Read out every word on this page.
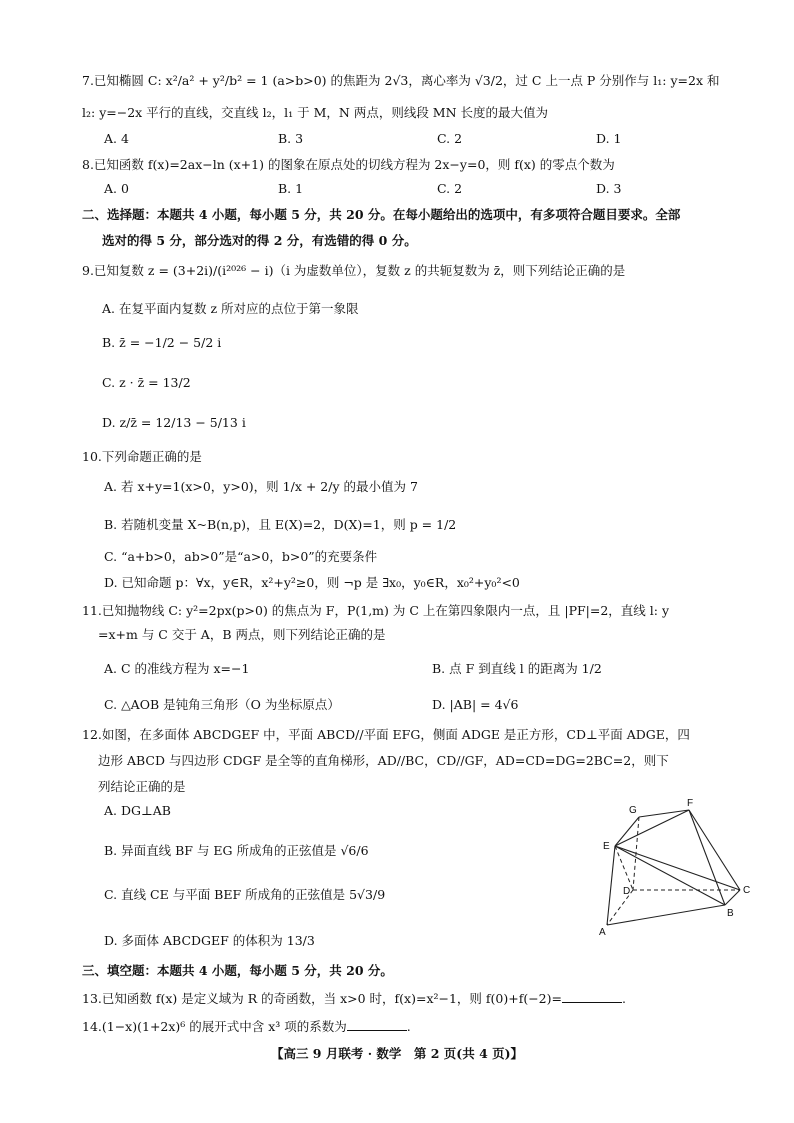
7.已知椭圆 C: x²/a² + y²/b² = 1 (a>b>0) 的焦距为 2√3，离心率为 √3/2，过 C 上一点 P 分别作与 l₁: y=2x 和
l₂: y=−2x 平行的直线，交直线 l₂，l₁ 于 M，N 两点，则线段 MN 长度的最大值为
A. 4	B. 3	C. 2	D. 1
8.已知函数 f(x)=2ax−ln (x+1) 的图象在原点处的切线方程为 2x−y=0，则 f(x) 的零点个数为
A. 0	B. 1	C. 2	D. 3
二、选择题：本题共 4 小题，每小题 5 分，共 20 分。在每小题给出的选项中，有多项符合题目要求。全部
选对的得 5 分，部分选对的得 2 分，有选错的得 0 分。
9.已知复数 z = (3+2i)/(i²⁰²⁶ − i)（i 为虚数单位），复数 z 的共轭复数为 z̄，则下列结论正确的是
A. 在复平面内复数 z 所对应的点位于第一象限
B. z̄ = −1/2 − 5/2 i
C. z · z̄ = 13/2
D. z/z̄ = 12/13 − 5/13 i
10.下列命题正确的是
A. 若 x+y=1(x>0，y>0)，则 1/x + 2/y 的最小值为 7
B. 若随机变量 X~B(n,p)，且 E(X)=2，D(X)=1，则 p = 1/2
C. “a+b>0，ab>0”是“a>0，b>0”的充要条件
D. 已知命题 p：∀x，y∈R，x²+y²≥0，则 ¬p 是 ∃x₀，y₀∈R，x₀²+y₀²<0
11.已知抛物线 C: y²=2px(p>0) 的焦点为 F，P(1,m) 为 C 上在第四象限内一点，且 |PF|=2，直线 l: y
=x+m 与 C 交于 A，B 两点，则下列结论正确的是
A. C 的准线方程为 x=−1	B. 点 F 到直线 l 的距离为 1/2
C. △AOB 是钝角三角形（O 为坐标原点）	D. |AB| = 4√6
12.如图，在多面体 ABCDGEF 中，平面 ABCD//平面 EFG，侧面 ADGE 是正方形，CD⊥平面 ADGE，四
边形 ABCD 与四边形 CDGF 是全等的直角梯形，AD//BC，CD//GF，AD=CD=DG=2BC=2，则下
列结论正确的是
A. DG⊥AB
B. 异面直线 BF 与 EG 所成角的正弦值是 √6/6
C. 直线 CE 与平面 BEF 所成角的正弦值是 5√3/9
D. 多面体 ABCDGEF 的体积为 13/3
G
F
E
D	C
B
A
三、填空题：本题共 4 小题，每小题 5 分，共 20 分。
13.已知函数 f(x) 是定义域为 R 的奇函数，当 x>0 时，f(x)=x²−1，则 f(0)+f(−2)=	.
14.(1−x)(1+2x)⁶ 的展开式中含 x³ 项的系数为	.
【高三 9 月联考 · 数学　第 2 页(共 4 页)】
